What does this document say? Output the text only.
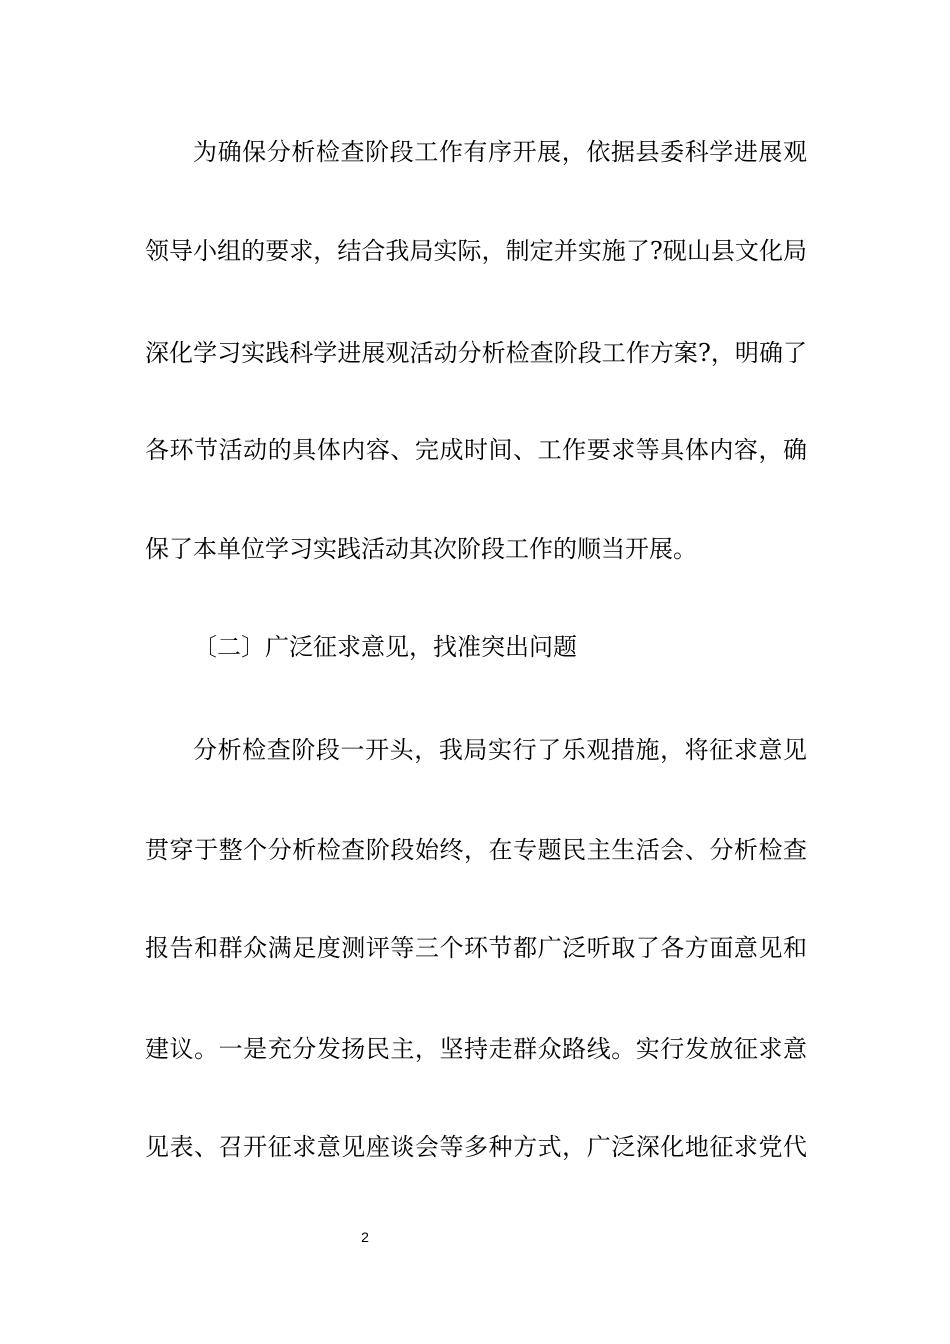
为确保分析检查阶段工作有序开展，依据县委科学进展观
领导小组的要求，结合我局实际，制定并实施了?砚山县文化局
深化学习实践科学进展观活动分析检查阶段工作方案?，明确了
各环节活动的具体内容、完成时间、工作要求等具体内容，确
保了本单位学习实践活动其次阶段工作的顺当开展。
〔二〕广泛征求意见，找准突出问题
分析检查阶段一开头，我局实行了乐观措施，将征求意见
贯穿于整个分析检查阶段始终，在专题民主生活会、分析检查
报告和群众满足度测评等三个环节都广泛听取了各方面意见和
建议。一是充分发扬民主，坚持走群众路线。实行发放征求意
见表、召开征求意见座谈会等多种方式，广泛深化地征求党代
2
